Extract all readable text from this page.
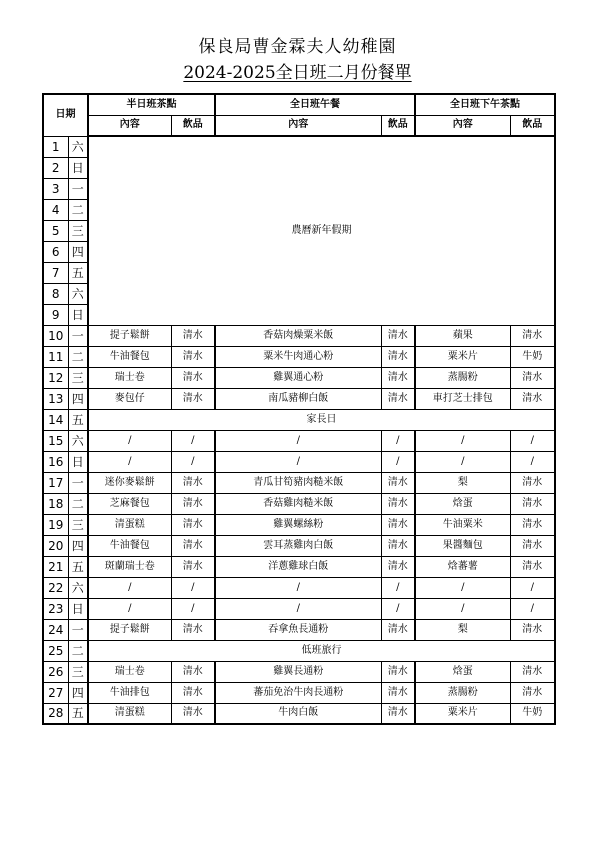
保良局曹金霖夫人幼稚園
2024-2025全日班二月份餐單
日期		半日班茶點		全日班午餐		全日班下午茶點	
		內容	飲品	內容	飲品	內容	飲品
1	六	農曆新年假期					
2	日						
3	一						
4	二						
5	三						
6	四						
7	五						
8	六						
9	日						
10	一	提子鬆餅	清水	香菇肉燥粟米飯	清水	蘋果	清水
11	二	牛油餐包	清水	粟米牛肉通心粉	清水	粟米片	牛奶
12	三	瑞士卷	清水	雞翼通心粉	清水	蒸腸粉	清水
13	四	麥包仔	清水	南瓜豬柳白飯	清水	車打芝士排包	清水
14	五	家長日					
15	六	/	/	/	/	/	/
16	日	/	/	/	/	/	/
17	一	迷你麥鬆餅	清水	青瓜甘筍豬肉糙米飯	清水	梨	清水
18	二	芝麻餐包	清水	香菇雞肉糙米飯	清水	焓蛋	清水
19	三	清蛋糕	清水	雞翼螺絲粉	清水	牛油粟米	清水
20	四	牛油餐包	清水	雲耳蒸雞肉白飯	清水	果醬麵包	清水
21	五	斑蘭瑞士卷	清水	洋蔥雞球白飯	清水	焓蕃薯	清水
22	六	/	/	/	/	/	/
23	日	/	/	/	/	/	/
24	一	提子鬆餅	清水	吞拿魚長通粉	清水	梨	清水
25	二	低班旅行					
26	三	瑞士卷	清水	雞翼長通粉	清水	焓蛋	清水
27	四	牛油排包	清水	蕃茄免治牛肉長通粉	清水	蒸腸粉	清水
28	五	清蛋糕	清水	牛肉白飯	清水	粟米片	牛奶
